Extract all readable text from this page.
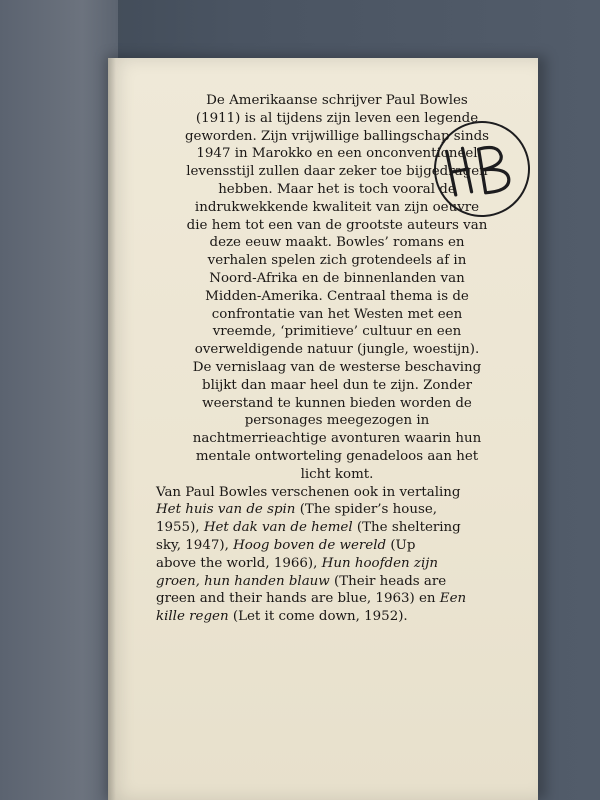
De Amerikaanse schrijver Paul Bowles
(1911) is al tijdens zijn leven een legende
geworden. Zijn vrijwillige ballingschap sinds
1947 in Marokko en een onconventioneel
levensstijl zullen daar zeker toe bijgedragen
hebben. Maar het is toch vooral de
indrukwekkende kwaliteit van zijn oeuvre
die hem tot een van de grootste auteurs van
deze eeuw maakt. Bowles’ romans en
verhalen spelen zich grotendeels af in
Noord-Afrika en de binnenlanden van
Midden-Amerika. Centraal thema is de
confrontatie van het Westen met een
vreemde, ‘primitieve’ cultuur en een
overweldigende natuur (jungle, woestijn).
De vernislaag van de westerse beschaving
blijkt dan maar heel dun te zijn. Zonder
weerstand te kunnen bieden worden de
personages meegezogen in
nachtmerrieachtige avonturen waarin hun
mentale ontworteling genadeloos aan het
licht komt.

Van Paul Bowles verschenen ook in vertaling
Het huis van de spin (The spider’s house,
1955), Het dak van de hemel (The sheltering
sky, 1947), Hoog boven de wereld (Up
above the world, 1966), Hun hoofden zijn
groen, hun handen blauw (Their heads are
green and their hands are blue, 1963) en Een
kille regen (Let it come down, 1952).
